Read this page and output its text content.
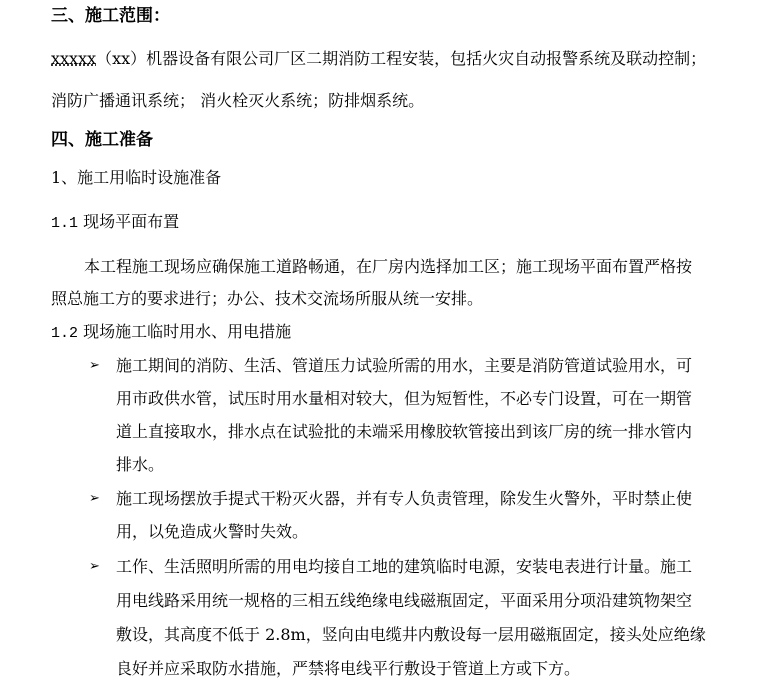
三、施工范围：
xxxxx（xx）机器设备有限公司厂区二期消防工程安装，包括火灾自动报警系统及联动控制；
消防广播通讯系统； 消火栓灭火系统；防排烟系统。
四、施工准备
1、施工用临时设施准备
1.1 现场平面布置
本工程施工现场应确保施工道路畅通，在厂房内选择加工区；施工现场平面布置严格按
照总施工方的要求进行；办公、技术交流场所服从统一安排。
1.2 现场施工临时用水、用电措施
➢ 施工期间的消防、生活、管道压力试验所需的用水，主要是消防管道试验用水，可
用市政供水管，试压时用水量相对较大，但为短暂性，不必专门设置，可在一期管
道上直接取水，排水点在试验批的未端采用橡胶软管接出到该厂房的统一排水管内
排水。
➢ 施工现场摆放手提式干粉灭火器，并有专人负责管理，除发生火警外，平时禁止使
用，以免造成火警时失效。
➢ 工作、生活照明所需的用电均接自工地的建筑临时电源，安装电表进行计量。施工
用电线路采用统一规格的三相五线绝缘电线磁瓶固定，平面采用分项沿建筑物架空
敷设，其高度不低于 2.8m，竖向由电缆井内敷设每一层用磁瓶固定，接头处应绝缘
良好并应采取防水措施，严禁将电线平行敷设于管道上方或下方。
